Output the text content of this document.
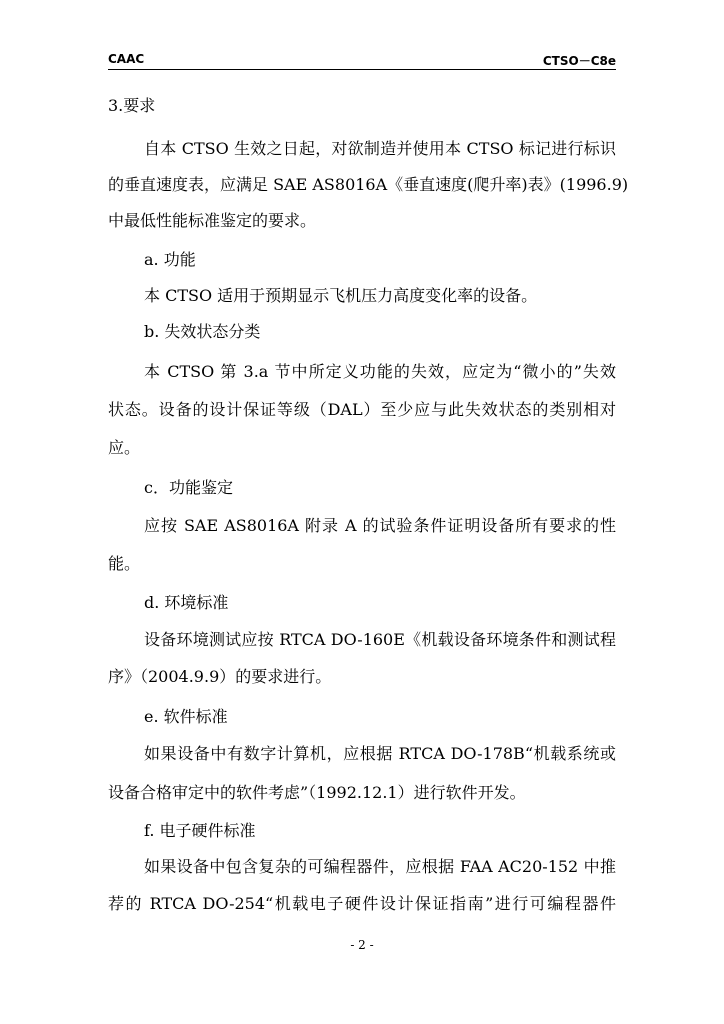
CAAC	CTSO－C8e
3.要求
自本 CTSO 生效之日起，对欲制造并使用本 CTSO 标记进行标识
的垂直速度表，应满足 SAE AS8016A《垂直速度(爬升率)表》(1996.9)
中最低性能标准鉴定的要求。
a. 功能
本 CTSO 适用于预期显示飞机压力高度变化率的设备。
b. 失效状态分类
本 CTSO 第 3.a 节中所定义功能的失效，应定为“微小的”失效
状态。设备的设计保证等级（DAL）至少应与此失效状态的类别相对
应。
c．功能鉴定
应按 SAE AS8016A 附录 A 的试验条件证明设备所有要求的性
能。
d. 环境标准
设备环境测试应按 RTCA DO-160E《机载设备环境条件和测试程
序》（2004.9.9）的要求进行。
e. 软件标准
如果设备中有数字计算机，应根据 RTCA DO-178B“机载系统或
设备合格审定中的软件考虑”（1992.12.1）进行软件开发。
f. 电子硬件标准
如果设备中包含复杂的可编程器件，应根据 FAA AC20-152 中推
荐的 RTCA DO-254“机载电子硬件设计保证指南”进行可编程器件
- 2 -
